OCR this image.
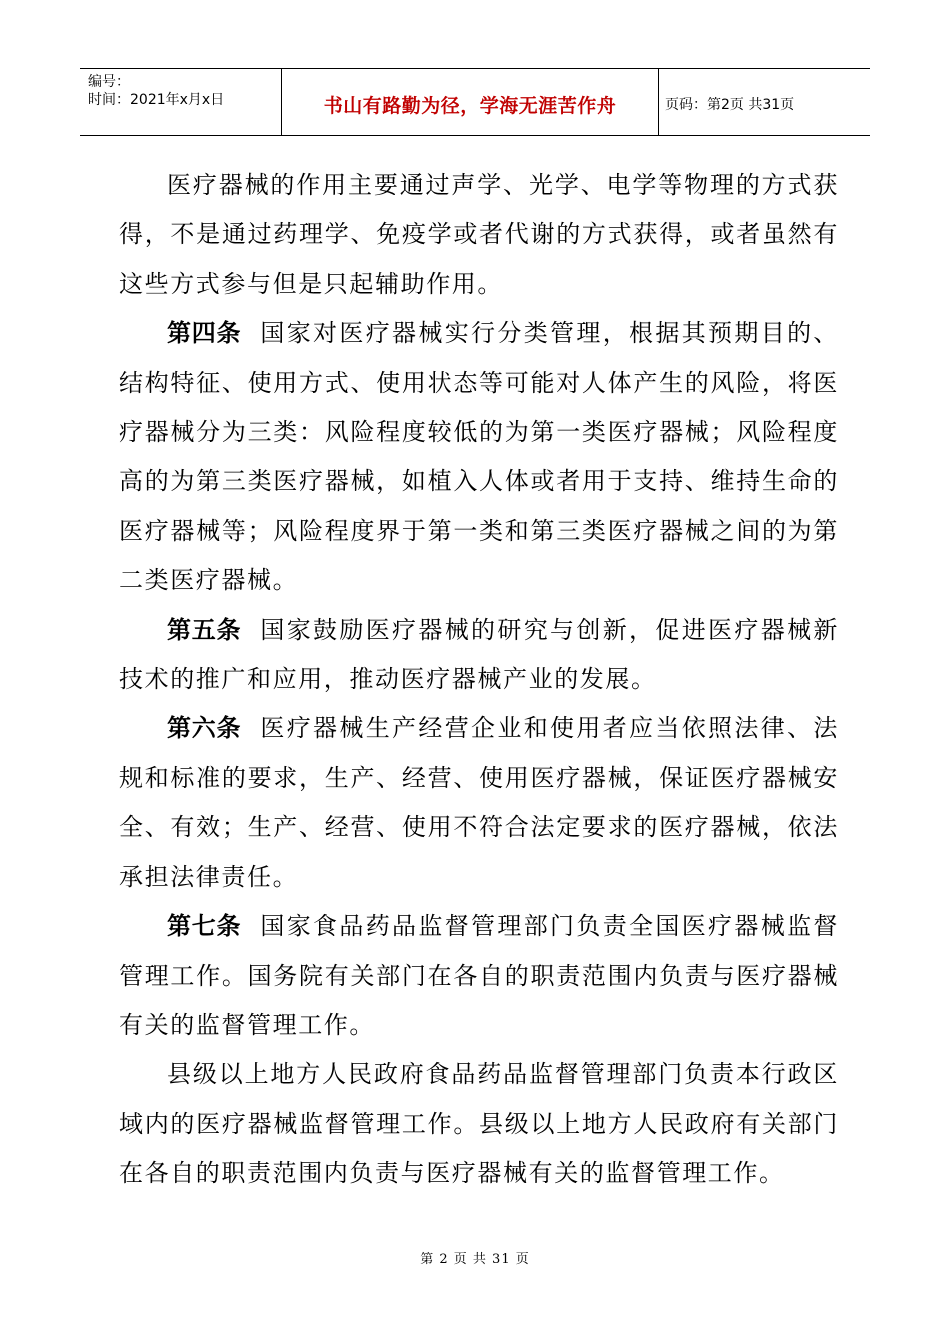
编号：
时间：2021年x月x日	书山有路勤为径，学海无涯苦作舟	页码：第2页 共31页

医疗器械的作用主要通过声学、光学、电学等物理的方式获得，不是通过药理学、免疫学或者代谢的方式获得，或者虽然有这些方式参与但是只起辅助作用。

第四条 国家对医疗器械实行分类管理，根据其预期目的、结构特征、使用方式、使用状态等可能对人体产生的风险，将医疗器械分为三类：风险程度较低的为第一类医疗器械；风险程度高的为第三类医疗器械，如植入人体或者用于支持、维持生命的医疗器械等；风险程度界于第一类和第三类医疗器械之间的为第二类医疗器械。

第五条 国家鼓励医疗器械的研究与创新，促进医疗器械新技术的推广和应用，推动医疗器械产业的发展。

第六条 医疗器械生产经营企业和使用者应当依照法律、法规和标准的要求，生产、经营、使用医疗器械，保证医疗器械安全、有效；生产、经营、使用不符合法定要求的医疗器械，依法承担法律责任。

第七条 国家食品药品监督管理部门负责全国医疗器械监督管理工作。国务院有关部门在各自的职责范围内负责与医疗器械有关的监督管理工作。

县级以上地方人民政府食品药品监督管理部门负责本行政区域内的医疗器械监督管理工作。县级以上地方人民政府有关部门在各自的职责范围内负责与医疗器械有关的监督管理工作。

第 2 页 共 31 页
